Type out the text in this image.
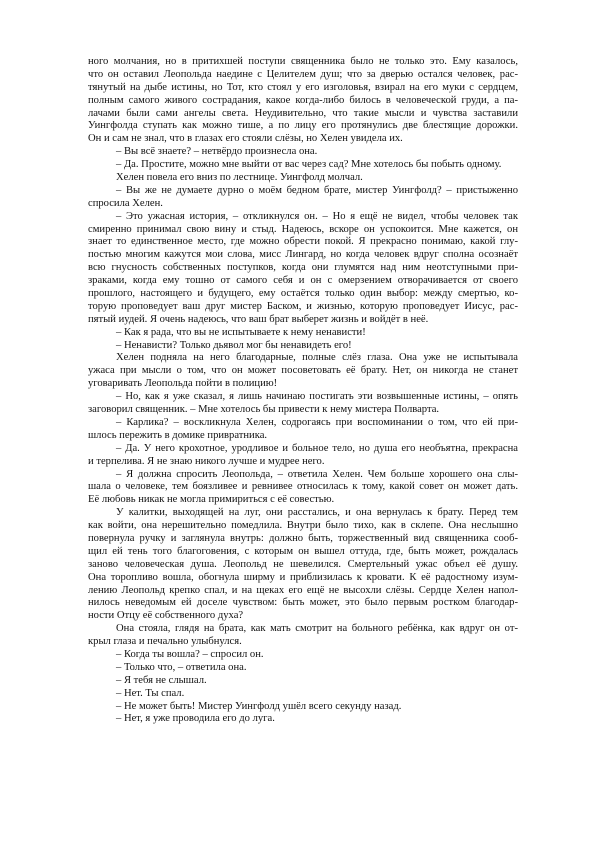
ного молчания, но в притихшей поступи священника было не только это. Ему казалось,
что он оставил Леопольда наедине с Целителем душ; что за дверью остался человек, рас-
тянутый на дыбе истины, но Тот, кто стоял у его изголовья, взирал на его муки с сердцем,
полным самого живого сострадания, какое когда-либо билось в человеческой груди, а па-
лачами были сами ангелы света. Неудивительно, что такие мысли и чувства заставили
Уингфолда ступать как можно тише, а по лицу его протянулись две блестящие дорожки.
Он и сам не знал, что в глазах его стояли слёзы, но Хелен увидела их.
– Вы всё знаете? – нетвёрдо произнесла она.
– Да. Простите, можно мне выйти от вас через сад? Мне хотелось бы побыть одному.
Хелен повела его вниз по лестнице. Уингфолд молчал.
– Вы же не думаете дурно о моём бедном брате, мистер Уингфолд? – пристыженно
спросила Хелен.
– Это ужасная история, – откликнулся он. – Но я ещё не видел, чтобы человек так
смиренно принимал свою вину и стыд. Надеюсь, вскоре он успокоится. Мне кажется, он
знает то единственное место, где можно обрести покой. Я прекрасно понимаю, какой глу-
постью многим кажутся мои слова, мисс Лингард, но когда человек вдруг сполна осознаёт
всю гнусность собственных поступков, когда они глумятся над ним неотступными при-
зраками, когда ему тошно от самого себя и он с омерзением отворачивается от своего
прошлого, настоящего и будущего, ему остаётся только один выбор: между смертью, ко-
торую проповедует ваш друг мистер Баском, и жизнью, которую проповедует Иисус, рас-
пятый иудей. Я очень надеюсь, что ваш брат выберет жизнь и войдёт в неё.
– Как я рада, что вы не испытываете к нему ненависти!
– Ненависти? Только дьявол мог бы ненавидеть его!
Хелен подняла на него благодарные, полные слёз глаза. Она уже не испытывала
ужаса при мысли о том, что он может посоветовать её брату. Нет, он никогда не станет
уговаривать Леопольда пойти в полицию!
– Но, как я уже сказал, я лишь начинаю постигать эти возвышенные истины, – опять
заговорил священник. – Мне хотелось бы привести к нему мистера Полварта.
– Карлика? – воскликнула Хелен, содрогаясь при воспоминании о том, что ей при-
шлось пережить в домике привратника.
– Да. У него крохотное, уродливое и больное тело, но душа его необъятна, прекрасна
и терпелива. Я не знаю никого лучше и мудрее него.
– Я должна спросить Леопольда, – ответила Хелен. Чем больше хорошего она слы-
шала о человеке, тем боязливее и ревнивее относилась к тому, какой совет он может дать.
Её любовь никак не могла примириться с её совестью.
У калитки, выходящей на луг, они расстались, и она вернулась к брату. Перед тем
как войти, она нерешительно помедлила. Внутри было тихо, как в склепе. Она неслышно
повернула ручку и заглянула внутрь: должно быть, торжественный вид священника сооб-
щил ей тень того благоговения, с которым он вышел оттуда, где, быть может, рождалась
заново человеческая душа. Леопольд не шевелился. Смертельный ужас объел её душу.
Она торопливо вошла, обогнула ширму и приблизилась к кровати. К её радостному изум-
лению Леопольд крепко спал, и на щеках его ещё не высохли слёзы. Сердце Хелен напол-
нилось неведомым ей доселе чувством: быть может, это было первым ростком благодар-
ности Отцу её собственного духа?
Она стояла, глядя на брата, как мать смотрит на больного ребёнка, как вдруг он от-
крыл глаза и печально улыбнулся.
– Когда ты вошла? – спросил он.
– Только что, – ответила она.
– Я тебя не слышал.
– Нет. Ты спал.
– Не может быть! Мистер Уингфолд ушёл всего секунду назад.
– Нет, я уже проводила его до луга.
